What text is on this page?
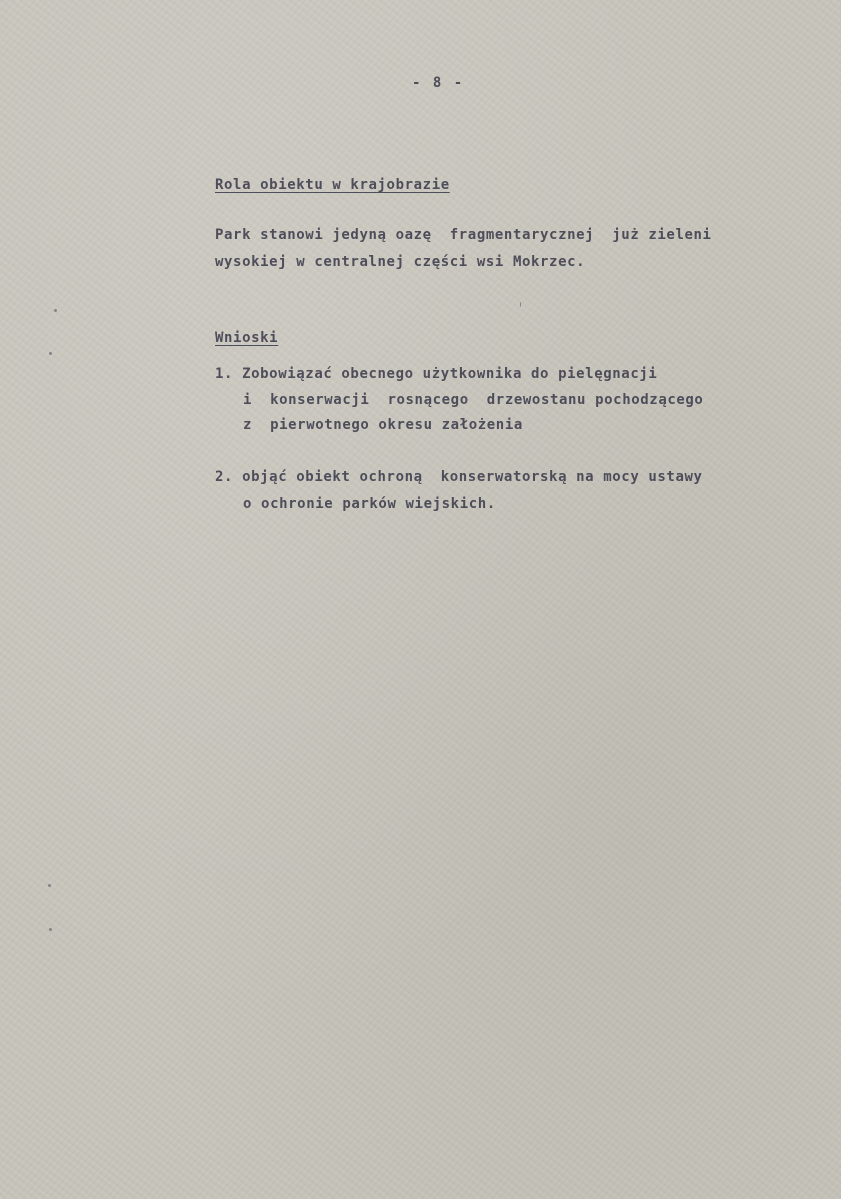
- 8 -
Rola obiektu w krajobrazie
Park stanowi jedyną oazę  fragmentarycznej  już zieleni
wysokiej w centralnej części wsi Mokrzec.
Wnioski
1. Zobowiązać obecnego użytkownika do pielęgnacji
i  konserwacji  rosnącego  drzewostanu pochodzącego
z  pierwotnego okresu założenia
2. objąć obiekt ochroną  konserwatorską na mocy ustawy
o ochronie parków wiejskich.
